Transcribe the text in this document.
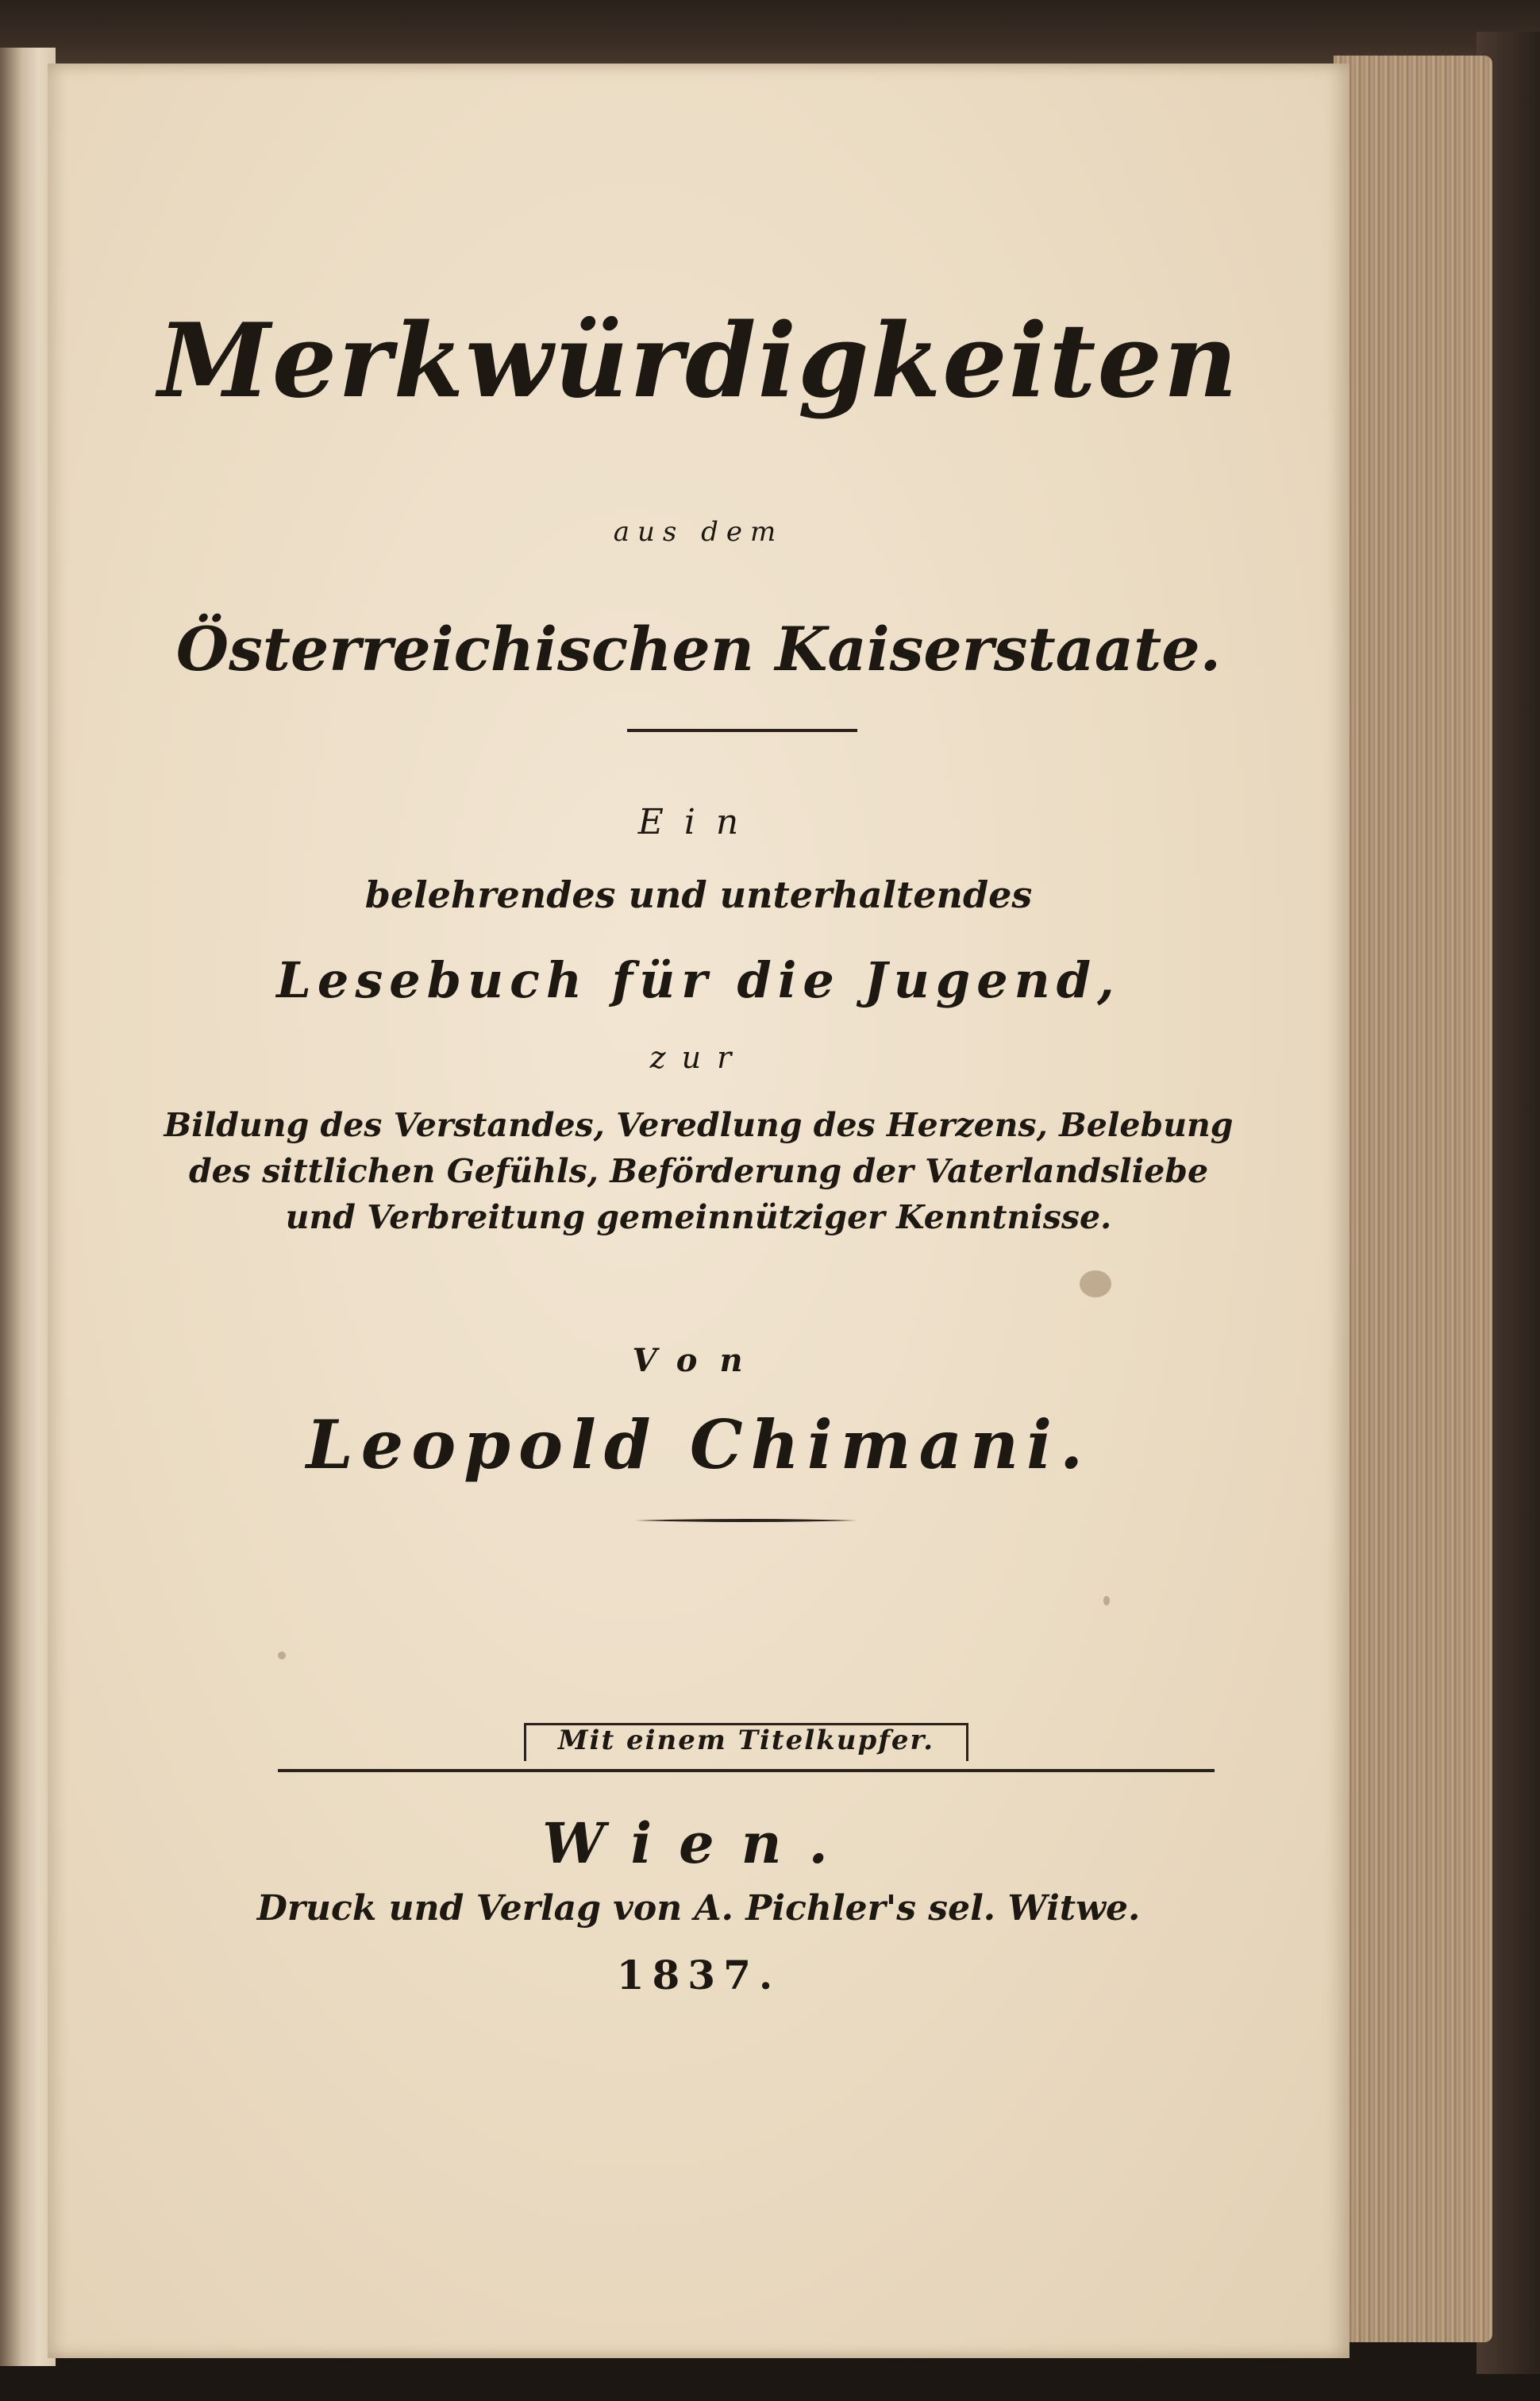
Merkwürdigkeiten
aus dem
Österreichischen Kaiserstaate.
Ein
belehrendes und unterhaltendes
Lesebuch für die Jugend,
zur
Bildung des Verstandes, Veredlung des Herzens, Belebung
des sittlichen Gefühls, Beförderung der Vaterlandsliebe
und Verbreitung gemeinnütziger Kenntnisse.
Von
Leopold Chimani.
Mit einem Titelkupfer.
Wien.
Druck und Verlag von A. Pichler's sel. Witwe.
1837.
